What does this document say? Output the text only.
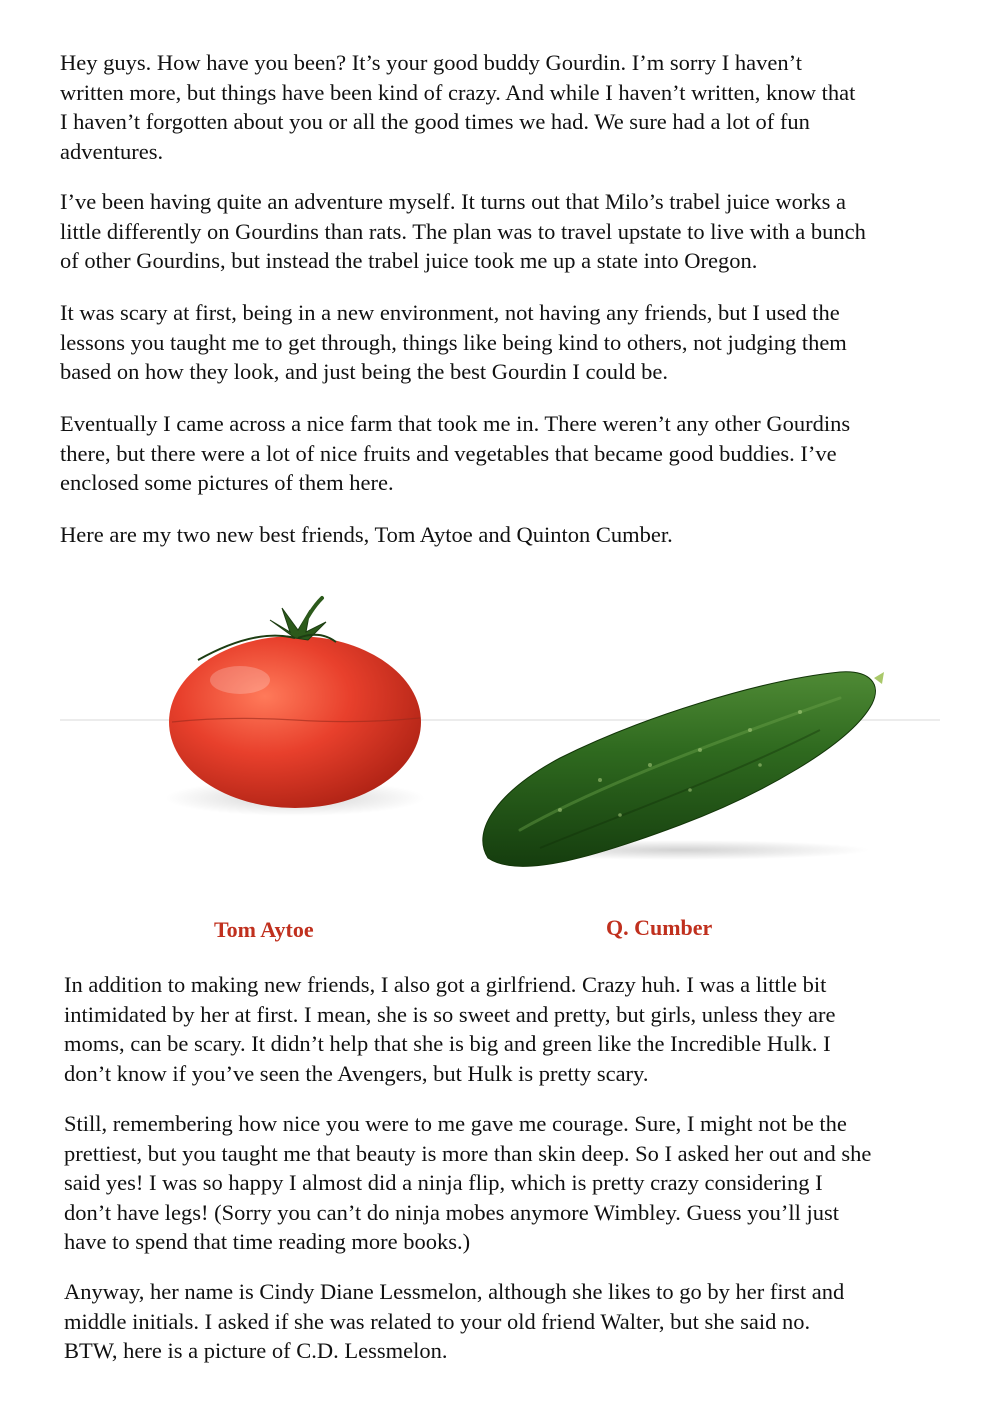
Hey guys. How have you been? It’s your good buddy Gourdin. I’m sorry I haven’t
written more, but things have been kind of crazy. And while I haven’t written, know that
I haven’t forgotten about you or all the good times we had. We sure had a lot of fun
adventures.

I’ve been having quite an adventure myself. It turns out that Milo’s trabel juice works a
little differently on Gourdins than rats. The plan was to travel upstate to live with a bunch
of other Gourdins, but instead the trabel juice took me up a state into Oregon.

It was scary at first, being in a new environment, not having any friends, but I used the
lessons you taught me to get through, things like being kind to others, not judging them
based on how they look, and just being the best Gourdin I could be.

Eventually I came across a nice farm that took me in. There weren’t any other Gourdins
there, but there were a lot of nice fruits and vegetables that became good buddies. I’ve
enclosed some pictures of them here.

Here are my two new best friends, Tom Aytoe and Quinton Cumber.

Tom Aytoe	Q. Cumber

In addition to making new friends, I also got a girlfriend. Crazy huh. I was a little bit
intimidated by her at first. I mean, she is so sweet and pretty, but girls, unless they are
moms, can be scary. It didn’t help that she is big and green like the Incredible Hulk. I
don’t know if you’ve seen the Avengers, but Hulk is pretty scary.

Still, remembering how nice you were to me gave me courage. Sure, I might not be the
prettiest, but you taught me that beauty is more than skin deep. So I asked her out and she
said yes! I was so happy I almost did a ninja flip, which is pretty crazy considering I
don’t have legs! (Sorry you can’t do ninja mobes anymore Wimbley. Guess you’ll just
have to spend that time reading more books.)

Anyway, her name is Cindy Diane Lessmelon, although she likes to go by her first and
middle initials. I asked if she was related to your old friend Walter, but she said no.
BTW, here is a picture of C.D. Lessmelon.
